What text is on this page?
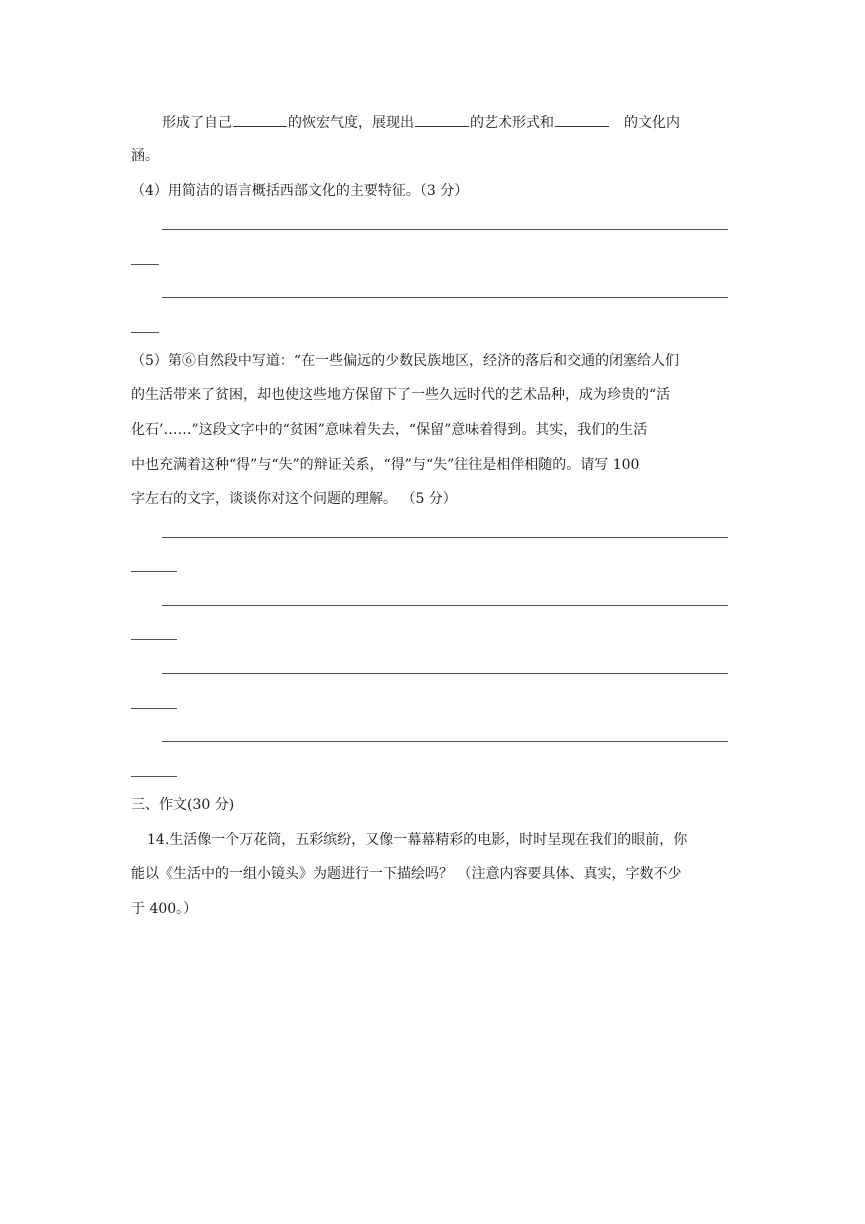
形成了自己	的恢宏气度，展现出	的艺术形式和	的文化内
涵。
（4）用简洁的语言概括西部文化的主要特征。（3 分）
（5）第⑥自然段中写道：“在一些偏远的少数民族地区，经济的落后和交通的闭塞给人们
的生活带来了贫困，却也使这些地方保留下了一些久远时代的艺术品种，成为珍贵的“活
化石’……”这段文字中的“贫困”意味着失去，“保留”意味着得到。其实，我们的生活
中也充满着这种“得”与“失”的辩证关系，“得”与“失”往往是相伴相随的。请写 100
字左右的文字，谈谈你对这个问题的理解。 （5 分）
三、作文(30 分)
14.生活像一个万花筒，五彩缤纷，又像一幕幕精彩的电影，时时呈现在我们的眼前，你
能以《生活中的一组小镜头》为题进行一下描绘吗？ （注意内容要具体、真实，字数不少
于 400。）
